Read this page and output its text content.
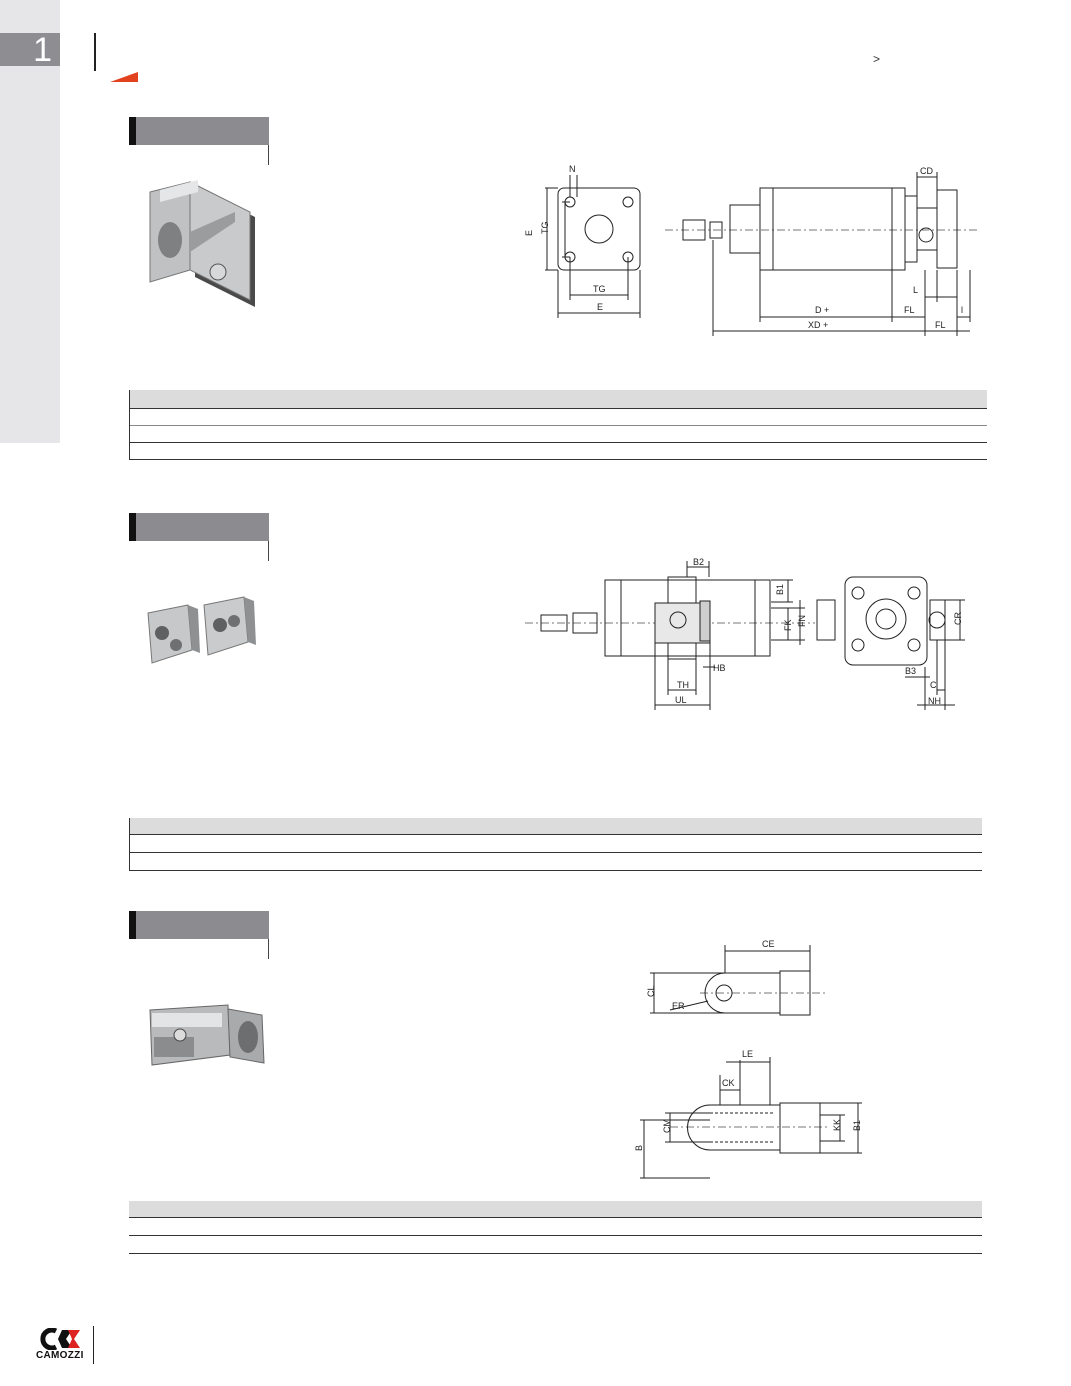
1	>
N
E TG
TG
E
CD
L
l
D +	FL
XD +	FL
B2
B1
FK FN
HB
TH
UL
CR
B3
C
NH
CE
CL
ER
LE
CK
B
CM	KK B1
CAMOZZI
